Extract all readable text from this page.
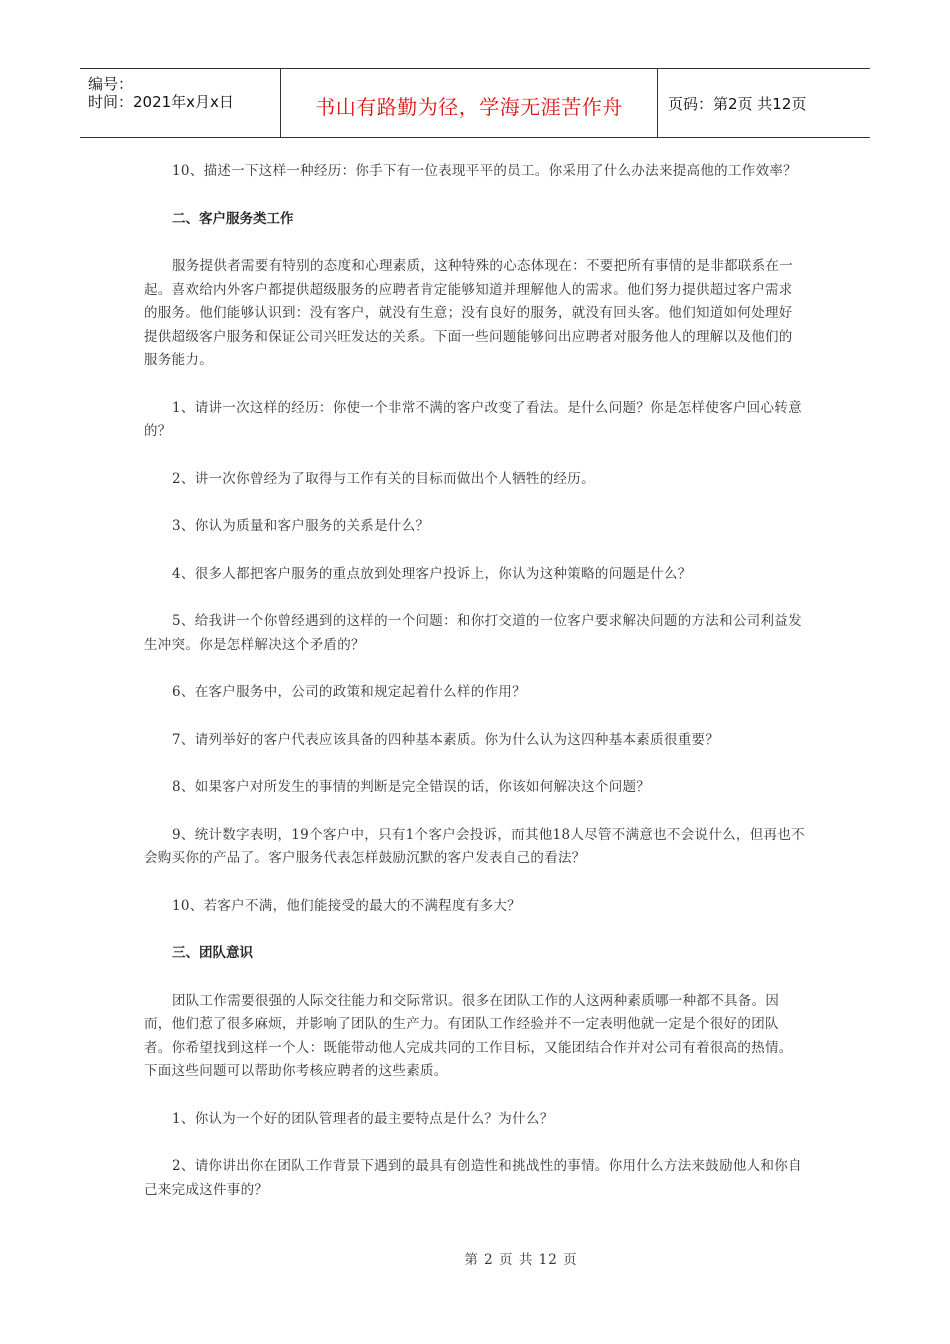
编号：
时间：2021年x月x日	书山有路勤为径，学海无涯苦作舟	页码：第2页 共12页

10、描述一下这样一种经历：你手下有一位表现平平的员工。你采用了什么办法来提高他的工作效率？

二、客户服务类工作

服务提供者需要有特别的态度和心理素质，这种特殊的心态体现在：不要把所有事情的是非都联系在一起。喜欢给内外客户都提供超级服务的应聘者肯定能够知道并理解他人的需求。他们努力提供超过客户需求的服务。他们能够认识到：没有客户，就没有生意；没有良好的服务，就没有回头客。他们知道如何处理好提供超级客户服务和保证公司兴旺发达的关系。下面一些问题能够问出应聘者对服务他人的理解以及他们的服务能力。

1、请讲一次这样的经历：你使一个非常不满的客户改变了看法。是什么问题？你是怎样使客户回心转意的？

2、讲一次你曾经为了取得与工作有关的目标而做出个人牺牲的经历。

3、你认为质量和客户服务的关系是什么？

4、很多人都把客户服务的重点放到处理客户投诉上，你认为这种策略的问题是什么？

5、给我讲一个你曾经遇到的这样的一个问题：和你打交道的一位客户要求解决问题的方法和公司利益发生冲突。你是怎样解决这个矛盾的？

6、在客户服务中，公司的政策和规定起着什么样的作用？

7、请列举好的客户代表应该具备的四种基本素质。你为什么认为这四种基本素质很重要？

8、如果客户对所发生的事情的判断是完全错误的话，你该如何解决这个问题？

9、统计数字表明，19个客户中，只有1个客户会投诉，而其他18人尽管不满意也不会说什么，但再也不会购买你的产品了。客户服务代表怎样鼓励沉默的客户发表自己的看法？

10、若客户不满，他们能接受的最大的不满程度有多大？

三、团队意识

团队工作需要很强的人际交往能力和交际常识。很多在团队工作的人这两种素质哪一种都不具备。因而，他们惹了很多麻烦，并影响了团队的生产力。有团队工作经验并不一定表明他就一定是个很好的团队者。你希望找到这样一个人：既能带动他人完成共同的工作目标，又能团结合作并对公司有着很高的热情。下面这些问题可以帮助你考核应聘者的这些素质。

1、你认为一个好的团队管理者的最主要特点是什么？为什么？

2、请你讲出你在团队工作背景下遇到的最具有创造性和挑战性的事情。你用什么方法来鼓励他人和你自己来完成这件事的？

第 2 页 共 12 页
